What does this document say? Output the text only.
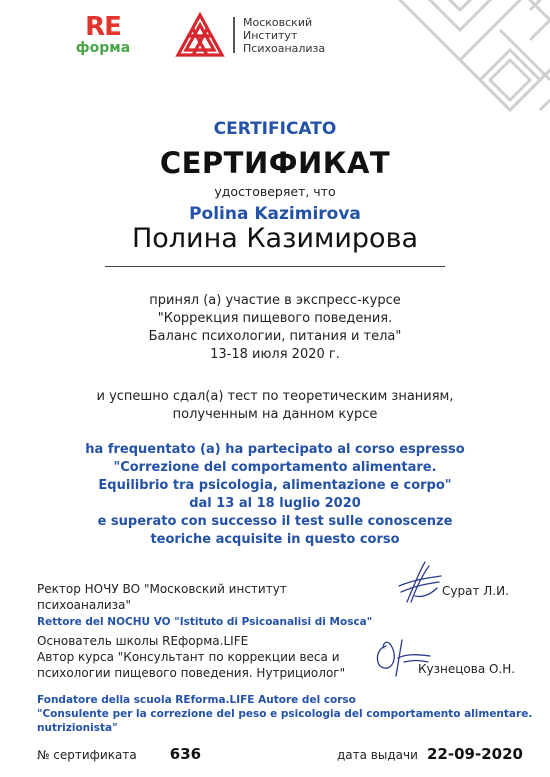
RE
форма
Московский
Институт
Психоанализа
CERTIFICATO
СЕРТИФИКАТ
удостоверяет, что
Polina Kazimirova
Полина Казимирова
принял (а) участие в экспресс-курсе
"Коррекция пищевого поведения.
Баланс психологии, питания и тела"
13-18 июля 2020 г.
и успешно сдал(а) тест по теоретическим знаниям,
полученным на данном курсе
ha frequentato (a) ha partecipato al corso espresso
"Correzione del comportamento alimentare.
Equilibrio tra psicologia, alimentazione e corpo"
dal 13 al 18 luglio 2020
e superato con successo il test sulle conoscenze
teoriche acquisite in questo corso
Ректор НОЧУ ВО "Московский институт
психоанализа"
Rettore del NOCHU VO "Istituto di Psicoanalisi di Mosca"
Сурат Л.И.
Основатель школы REформа.LIFE
Автор курса "Консультант по коррекции веса и
психологии пищевого поведения. Нутрициолог"	Кузнецова О.Н.
Fondatore della scuola REforma.LIFE Autore del corso
"Consulente per la correzione del peso e psicologia del comportamento alimentare.
nutrizionista"
№ сертификата 636	дата выдачи 22-09-2020
